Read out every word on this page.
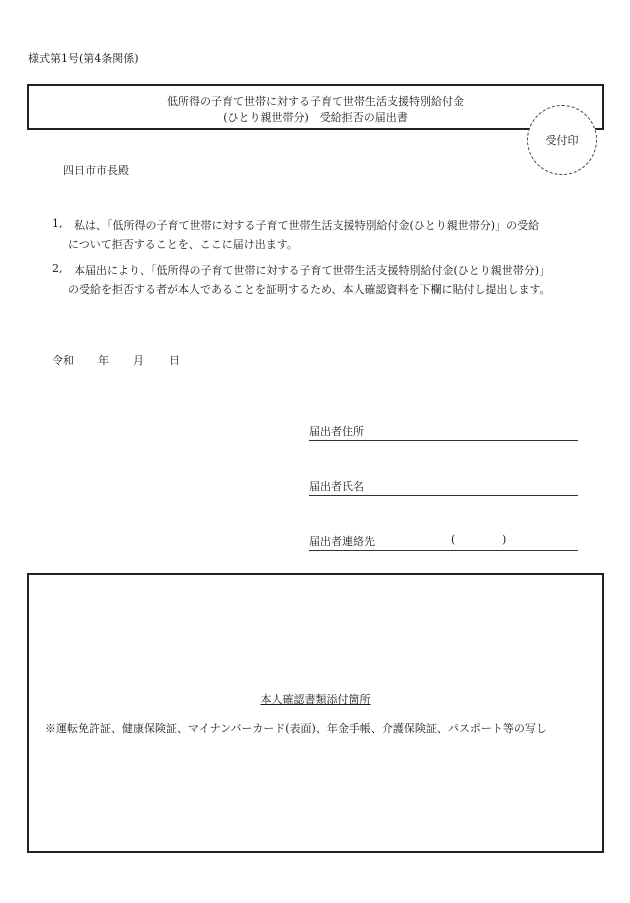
様式第1号(第4条関係)
低所得の子育て世帯に対する子育て世帯生活支援特別給付金
(ひとり親世帯分)　受給拒否の届出書
受付印
四日市市長殿
1, 私は、「低所得の子育て世帯に対する子育て世帯生活支援特別給付金(ひとり親世帯分)」の受給
について拒否することを、ここに届け出ます。
2, 本届出により、「低所得の子育て世帯に対する子育て世帯生活支援特別給付金(ひとり親世帯分)」
の受給を拒否する者が本人であることを証明するため、本人確認資料を下欄に貼付し提出します。
令和 年 月 日
届出者住所
届出者氏名
届出者連絡先	(	)
本人確認書類添付箇所
※運転免許証、健康保険証、マイナンバーカード(表面)、年金手帳、介護保険証、パスポート等の写し
